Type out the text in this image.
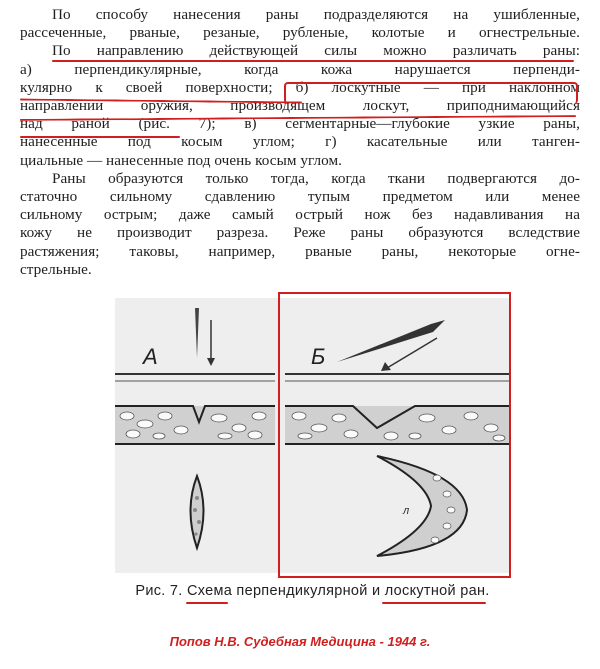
По способу нанесения раны подразделяются на ушибленные,
рассеченные, рваные, резаные, рубленые, колотые и огнестрельные.
По направлению действующей силы можно различать раны:
а) перпендикулярные, когда кожа нарушается перпенди-
кулярно к своей поверхности; б) лоскутные — при наклонном
направлении оружия, производящем лоскут, приподнимающийся
над раной (рис. 7); в) сегментарные—глубокие узкие раны,
нанесенные под косым углом; г) касательные или танген-
циальные — нанесенные под очень косым углом.
Раны образуются только тогда, когда ткани подвергаются до-
статочно сильному сдавлению тупым предметом или менее
сильному острым; даже самый острый нож без надавливания на
кожу не производит разреза. Реже раны образуются вследствие
растяжения; таковы, например, рваные раны, некоторые огне-
стрельные.
А	Б
л
Рис. 7. Схема перпендикулярной и лоскутной ран.
Попов Н.В. Судебная Медицина - 1944 г.
